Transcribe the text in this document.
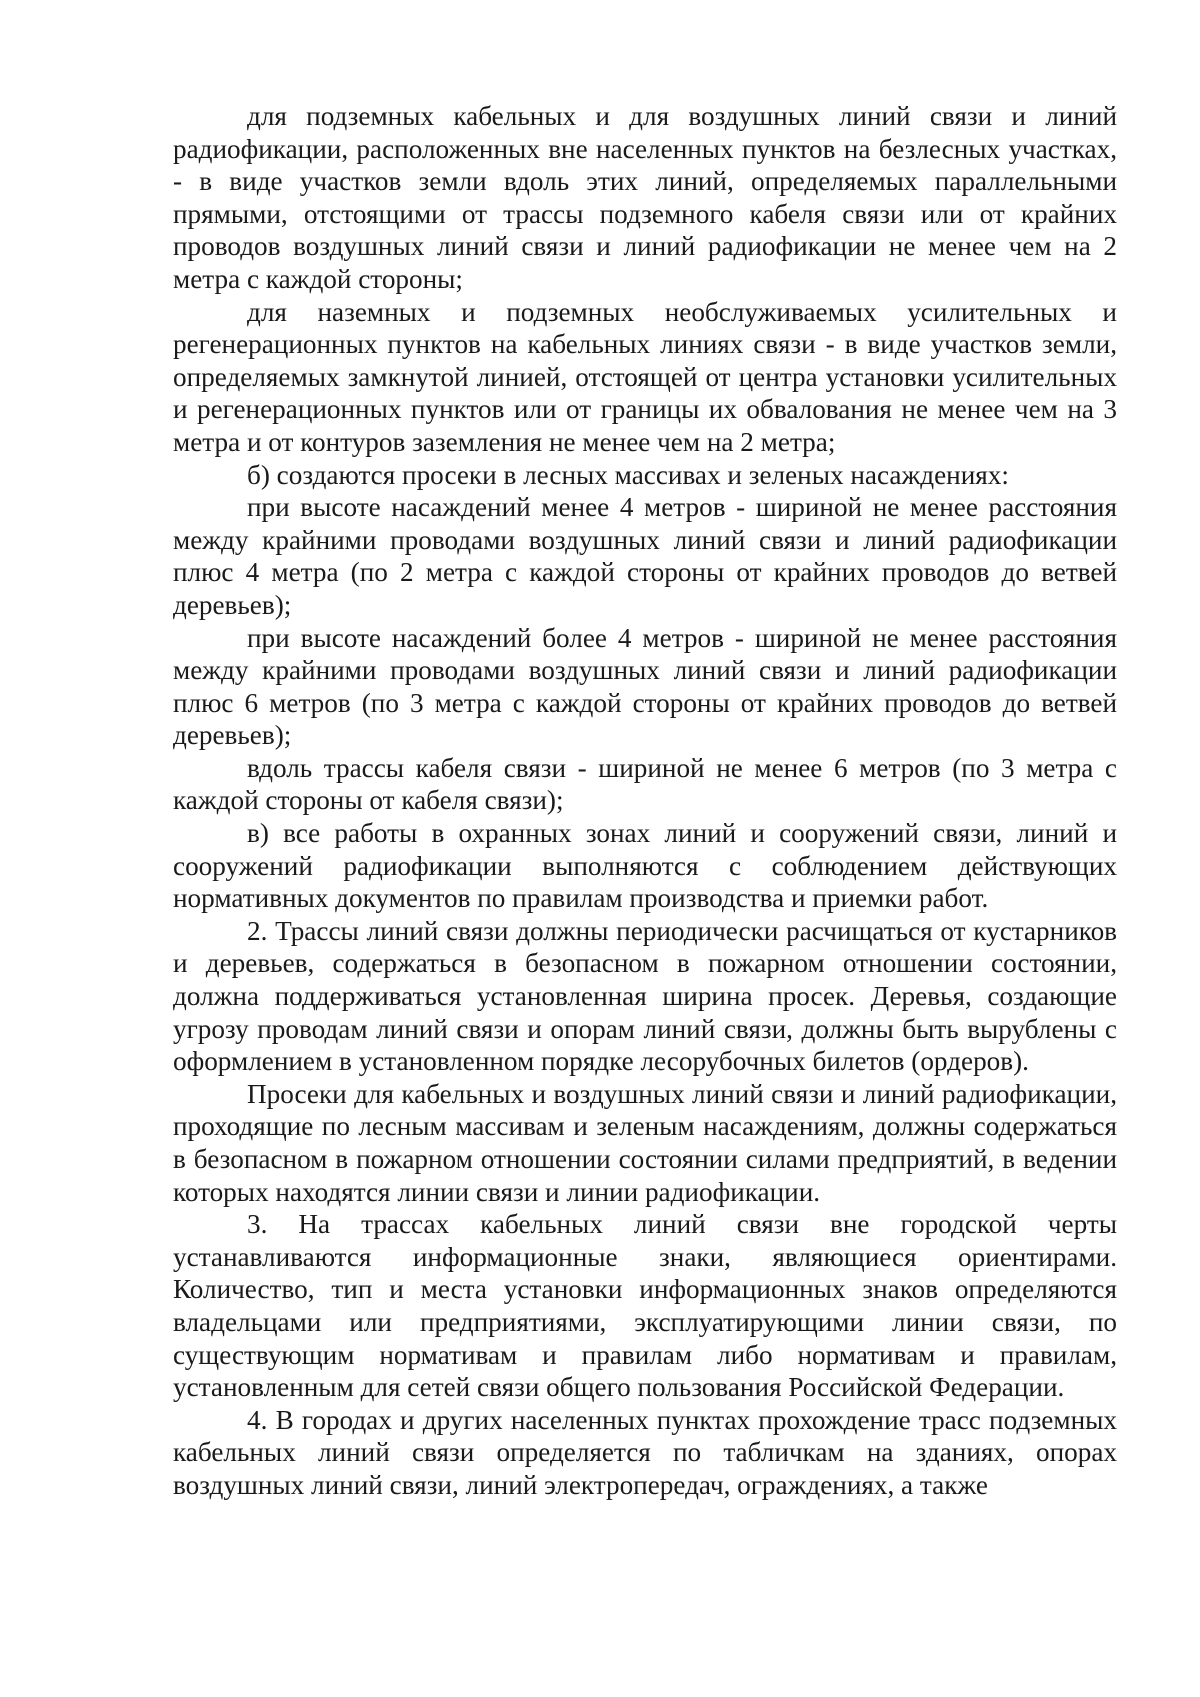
для подземных кабельных и для воздушных линий связи и линий радиофикации, расположенных вне населенных пунктов на безлесных участках, - в виде участков земли вдоль этих линий, определяемых параллельными прямыми, отстоящими от трассы подземного кабеля связи или от крайних проводов воздушных линий связи и линий радиофикации не менее чем на 2 метра с каждой стороны;

для наземных и подземных необслуживаемых усилительных и регенерационных пунктов на кабельных линиях связи - в виде участков земли, определяемых замкнутой линией, отстоящей от центра установки усилительных и регенерационных пунктов или от границы их обвалования не менее чем на 3 метра и от контуров заземления не менее чем на 2 метра;

б) создаются просеки в лесных массивах и зеленых насаждениях:

при высоте насаждений менее 4 метров - шириной не менее расстояния между крайними проводами воздушных линий связи и линий радиофикации плюс 4 метра (по 2 метра с каждой стороны от крайних проводов до ветвей деревьев);

при высоте насаждений более 4 метров - шириной не менее расстояния между крайними проводами воздушных линий связи и линий радиофикации плюс 6 метров (по 3 метра с каждой стороны от крайних проводов до ветвей деревьев);

вдоль трассы кабеля связи - шириной не менее 6 метров (по 3 метра с каждой стороны от кабеля связи);

в) все работы в охранных зонах линий и сооружений связи, линий и сооружений радиофикации выполняются с соблюдением действующих нормативных документов по правилам производства и приемки работ.

2. Трассы линий связи должны периодически расчищаться от кустарников и деревьев, содержаться в безопасном в пожарном отношении состоянии, должна поддерживаться установленная ширина просек. Деревья, создающие угрозу проводам линий связи и опорам линий связи, должны быть вырублены с оформлением в установленном порядке лесорубочных билетов (ордеров).

Просеки для кабельных и воздушных линий связи и линий радиофикации, проходящие по лесным массивам и зеленым насаждениям, должны содержаться в безопасном в пожарном отношении состоянии силами предприятий, в ведении которых находятся линии связи и линии радиофикации.

3. На трассах кабельных линий связи вне городской черты устанавливаются информационные знаки, являющиеся ориентирами. Количество, тип и места установки информационных знаков определяются владельцами или предприятиями, эксплуатирующими линии связи, по существующим нормативам и правилам либо нормативам и правилам, установленным для сетей связи общего пользования Российской Федерации.

4. В городах и других населенных пунктах прохождение трасс подземных кабельных линий связи определяется по табличкам на зданиях, опорах воздушных линий связи, линий электропередач, ограждениях, а также
